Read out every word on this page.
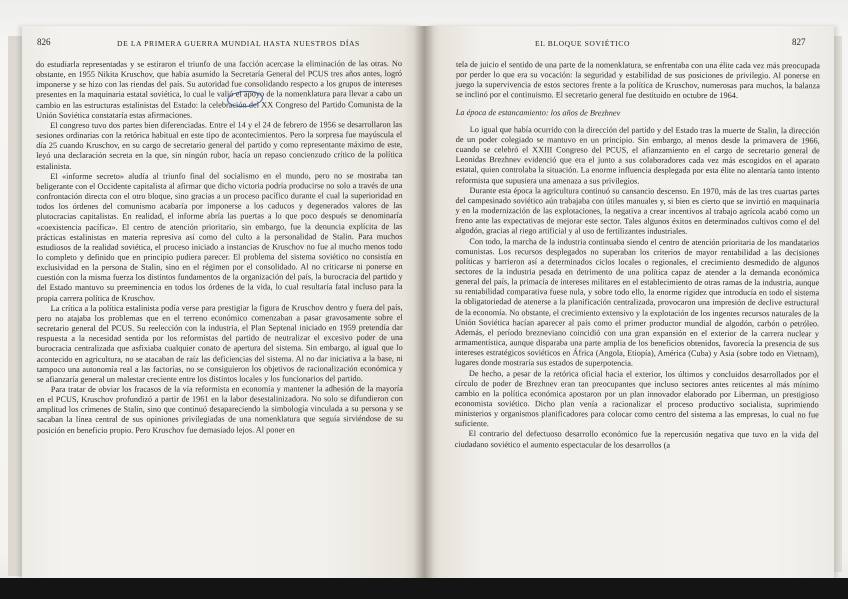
826	DE LA PRIMERA GUERRA MUNDIAL HASTA NUESTROS DÍAS

do estudiarla representadas y se estiraron el triunfo de una facción acercase la eliminación de las otras. No obstante, en 1955 Nikita Kruschov, que había asumido la Secretaría General del PCUS tres años antes, logró imponerse y se hizo con las riendas del país. Su autoridad fue consolidando respecto a los grupos de intereses presentes en la maquinaria estatal soviética, lo cual le valió el apoyo de la nomenklatura para llevar a cabo un cambio en las estructuras estalinistas del Estado: la celebración del XX Congreso del Partido Comunista de la Unión Soviética constataría estas afirmaciones.

El congreso tuvo dos partes bien diferenciadas. Entre el 14 y el 24 de febrero de 1956 se desarrollaron las sesiones ordinarias con la retórica habitual en este tipo de acontecimientos. Pero la sorpresa fue mayúscula el día 25 cuando Kruschov, en su cargo de secretario general del partido y como representante máximo de este, leyó una declaración secreta en la que, sin ningún rubor, hacía un repaso concienzudo crítico de la política estalinista.

El «informe secreto» aludía al triunfo final del socialismo en el mundo, pero no se mostraba tan beligerante con el Occidente capitalista al afirmar que dicho victoria podría producirse no solo a través de una confrontación directa con el otro bloque, sino gracias a un proceso pacífico durante el cual la superioridad en todos los órdenes del comunismo acabaría por imponerse a los caducos y degenerados valores de las plutocracias capitalistas. En realidad, el informe abría las puertas a lo que poco después se denominaría «coexistencia pacífica». El centro de atención prioritario, sin embargo, fue la denuncia explícita de las prácticas estalinistas en materia represiva así como del culto a la personalidad de Stalin. Para muchos estudiosos de la realidad soviética, el proceso iniciado a instancias de Kruschov no fue al mucho menos todo lo completo y definido que en principio pudiera parecer. El problema del sistema soviético no consistía en exclusividad en la persona de Stalin, sino en el régimen por el consolidado. Al no criticarse ni ponerse en cuestión con la misma fuerza los distintos fundamentos de la organización del país, la burocracia del partido y del Estado mantuvo su preeminencia en todos los órdenes de la vida, lo cual resultaría fatal incluso para la propia carrera política de Kruschov.

La crítica a la política estalinista podía verse para prestigiar la figura de Kruschov dentro y fuera del país, pero no atajaba los problemas que en el terreno económico comenzaban a pasar gravosamente sobre el secretario general del PCUS. Su reelección con la industria, el Plan Septenal iniciado en 1959 pretendía dar respuesta a la necesidad sentida por los reformistas del partido de neutralizar el excesivo poder de una burocracia centralizada que asfixiaba cualquier conato de apertura del sistema. Sin embargo, al igual que lo acontecido en agricultura, no se atacaban de raíz las deficiencias del sistema. Al no dar iniciativa a la base, ni tampoco una autonomía real a las factorías, no se consiguieron los objetivos de racionalización económica y se afianzaría general un malestar creciente entre los distintos locales y los funcionarios del partido.

Para tratar de obviar los fracasos de la vía reformista en economía y mantener la adhesión de la mayoría en el PCUS, Kruschov profundizó a partir de 1961 en la labor desestalinizadora. No solo se difundieron con amplitud los crímenes de Stalin, sino que continuó desapareciendo la simbología vinculada a su persona y se sacaban la línea central de sus opiniones privilegiadas de una nomenklatura que seguía sirviéndose de su posición en beneficio propio. Pero Kruschov fue demasiado lejos. Al poner en

EL BLOQUE SOVIÉTICO	827

tela de juicio el sentido de una parte de la nomenklatura, se enfrentaba con una élite cada vez más preocupada por perder lo que era su vocación: la seguridad y estabilidad de sus posiciones de privilegio. Al ponerse en juego la supervivencia de estos sectores frente a la política de Kruschov, numerosas para muchos, la balanza se inclinó por el continuismo. El secretario general fue destituido en octubre de 1964.

La época de estancamiento: los años de Brezhnev

Lo igual que había ocurrido con la dirección del partido y del Estado tras la muerte de Stalin, la dirección de un poder colegiado se mantuvo en un principio. Sin embargo, al menos desde la primavera de 1966, cuando se celebró el XXIII Congreso del PCUS, el afianzamiento en el cargo de secretario general de Leonidas Brezhnev evidenció que era el junto a sus colaboradores cada vez más escogidos en el aparato estatal, quien controlaba la situación. La enorme influencia desplegada por esta élite no alentaría tanto intento reformista que supusiera una amenaza a sus privilegios.

Durante esta época la agricultura continuó su cansancio descenso. En 1970, más de las tres cuartas partes del campesinado soviético aún trabajaba con útiles manuales y, si bien es cierto que se invirtió en maquinaria y en la modernización de las explotaciones, la negativa a crear incentivos al trabajo agrícola acabó como un freno ante las expectativas de mejorar este sector. Tales algunos éxitos en determinados cultivos como el del algodón, gracias al riego artificial y al uso de fertilizantes industriales.

Con todo, la marcha de la industria continuaba siendo el centro de atención prioritaria de los mandatarios comunistas. Los recursos desplegados no superaban los criterios de mayor rentabilidad a las decisiones políticas y barrieron así a determinados ciclos locales o regionales, el crecimiento desmedido de algunos sectores de la industria pesada en detrimento de una política capaz de atender a la demanda económica general del país, la primacía de intereses militares en el establecimiento de otras ramas de la industria, aunque su rentabilidad comparativa fuese nula, y sobre todo ello, la enorme rigidez que introducía en todo el sistema la obligatoriedad de atenerse a la planificación centralizada, provocaron una impresión de declive estructural de la economía. No obstante, el crecimiento extensivo y la explotación de los ingentes recursos naturales de la Unión Soviética hacían aparecer al país como el primer productor mundial de algodón, carbón o petróleo. Además, el período brezneviano coincidió con una gran expansión en el exterior de la carrera nuclear y armamentística, aunque disparaba una parte amplia de los beneficios obtenidos, favorecía la presencia de sus intereses estratégicos soviéticos en África (Angola, Etiopía), América (Cuba) y Asia (sobre todo en Vietnam), lugares donde mostraría sus estados de superpotencia.

De hecho, a pesar de la retórica oficial hacia el exterior, los últimos y concluidos desarrollados por el círculo de poder de Brezhnev eran tan preocupantes que incluso sectores antes reticentes al más mínimo cambio en la política económica apostaron por un plan innovador elaborado por Liberman, un prestigioso economista soviético. Dicho plan venía a racionalizar el proceso productivo socialista, suprimiendo ministerios y organismos planificadores para colocar como centro del sistema a las empresas, lo cual no fue suficiente.

El contrario del defectuoso desarrollo económico fue la repercusión negativa que tuvo en la vida del ciudadano soviético el aumento espectacular de los desarrollos (a
